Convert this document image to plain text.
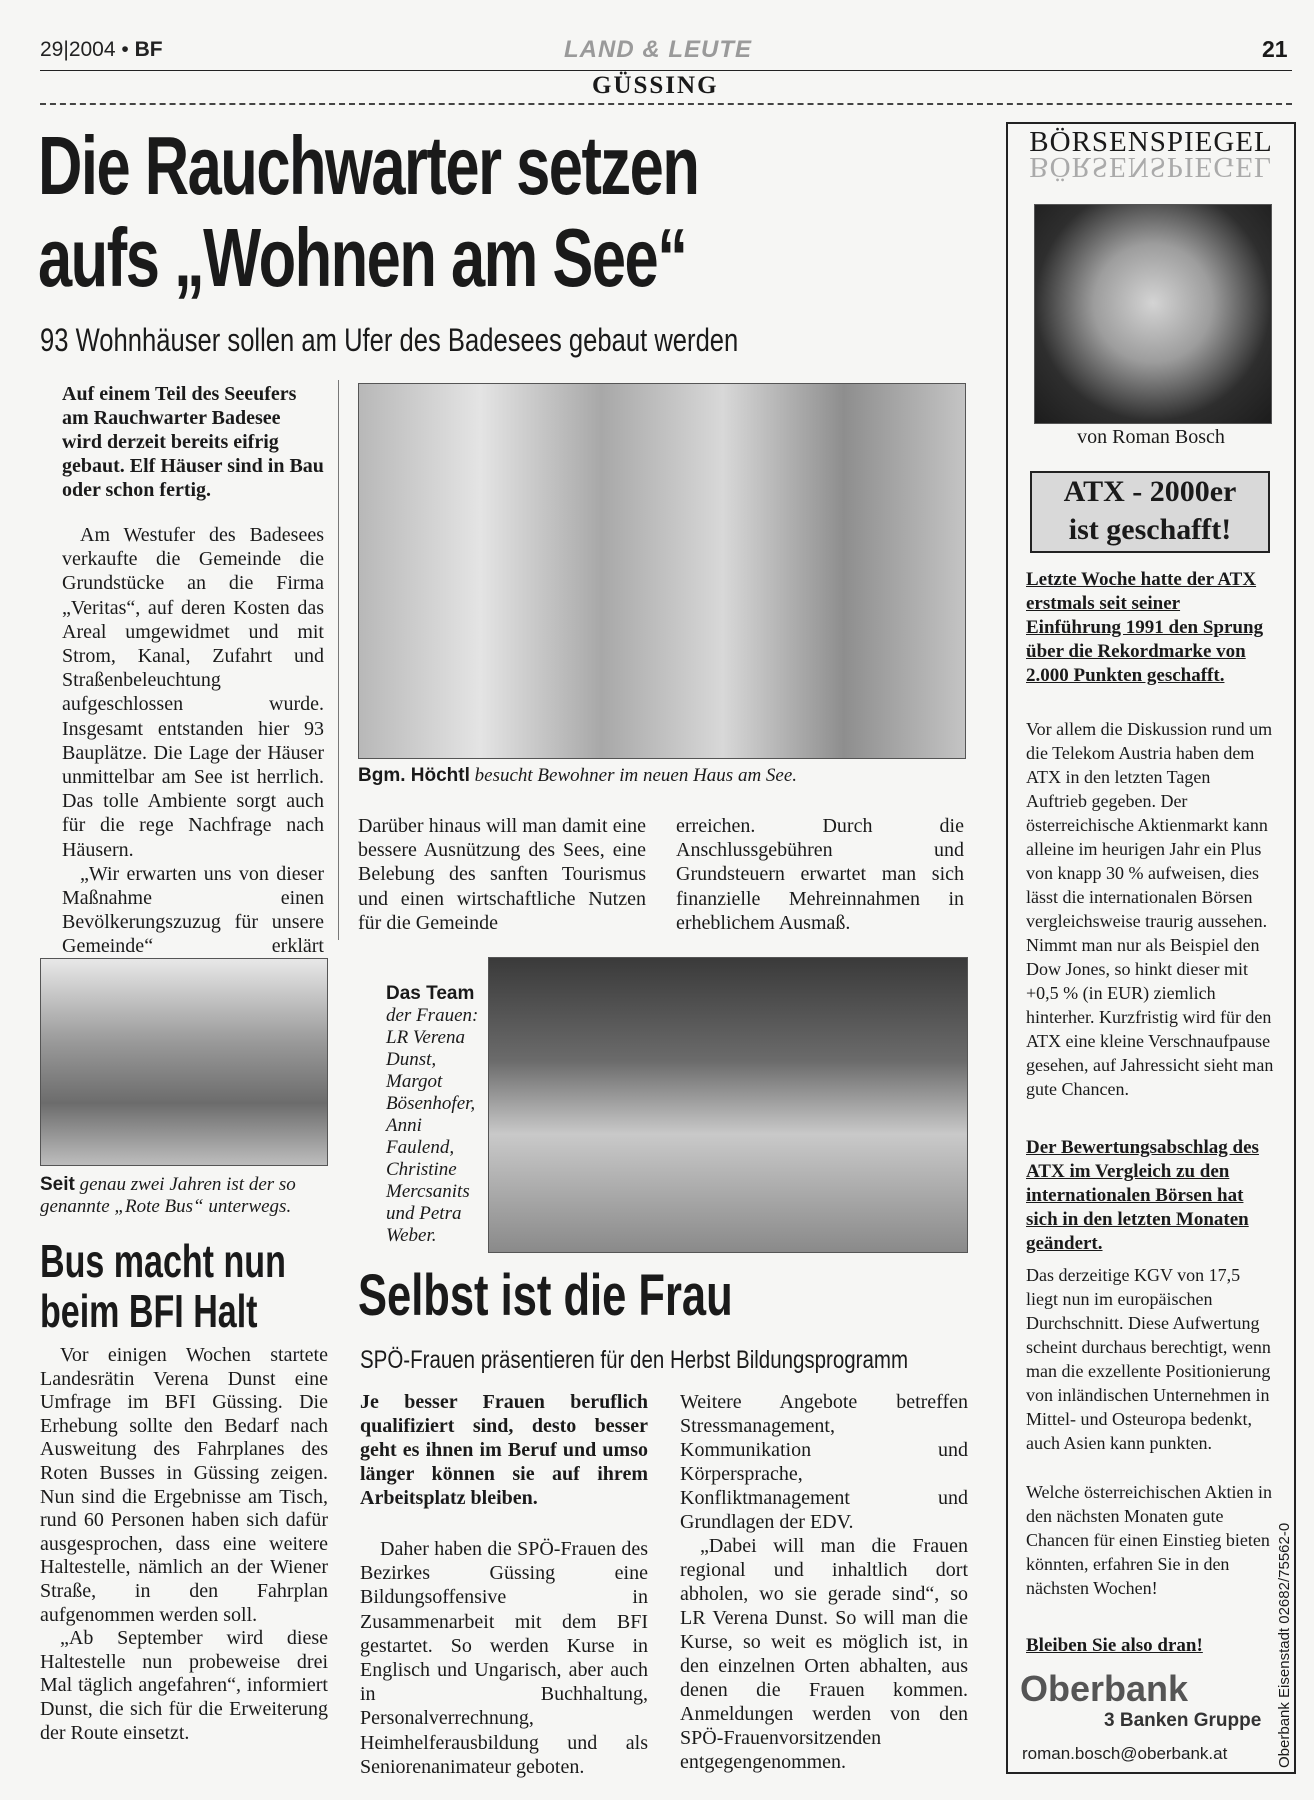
29|2004 • BF	LAND & LEUTE	21
GÜSSING
Die Rauchwarter setzen
aufs „Wohnen am See“
93 Wohnhäuser sollen am Ufer des Badesees gebaut werden
Auf einem Teil des Seeufers am Rauchwarter Badesee wird derzeit bereits eifrig gebaut. Elf Häuser sind in Bau oder schon fertig.
Am Westufer des Badesees verkaufte die Gemeinde die Grundstücke an die Firma „Veritas“, auf deren Kosten das Areal umgewidmet und mit Strom, Kanal, Zufahrt und Straßenbeleuchtung aufgeschlossen wurde. Insgesamt entstanden hier 93 Bauplätze. Die Lage der Häuser unmittelbar am See ist herrlich. Das tolle Ambiente sorgt auch für die rege Nachfrage nach Häusern.
„Wir erwarten uns von dieser Maßnahme einen Bevölkerungszuzug für unsere Gemeinde“ erklärt
Bgm. Höchtl besucht Bewohner im neuen Haus am See.
Darüber hinaus will man damit eine bessere Ausnützung des Sees, eine Belebung des sanften Tourismus und einen wirtschaftliche Nutzen für die Gemeinde
erreichen. Durch die Anschlussgebühren und Grundsteuern erwartet man sich finanzielle Mehreinnahmen in erheblichem Ausmaß.
Seit genau zwei Jahren ist der so genannte „Rote Bus“ unterwegs.
Bus macht nun
beim BFI Halt
Vor einigen Wochen startete Landesrätin Verena Dunst eine Umfrage im BFI Güssing. Die Erhebung sollte den Bedarf nach Ausweitung des Fahrplanes des Roten Busses in Güssing zeigen. Nun sind die Ergebnisse am Tisch, rund 60 Personen haben sich dafür ausgesprochen, dass eine weitere Haltestelle, nämlich an der Wiener Straße, in den Fahrplan aufgenommen werden soll.
„Ab September wird diese Haltestelle nun probeweise drei Mal täglich angefahren“, informiert Dunst, die sich für die Erweiterung der Route einsetzt.
Das Team
der Frauen: LR Verena Dunst, Margot Bösenhofer, Anni Faulend, Christine Mercsanits und Petra Weber.
Selbst ist die Frau
SPÖ-Frauen präsentieren für den Herbst Bildungsprogramm
Je besser Frauen beruflich qualifiziert sind, desto besser geht es ihnen im Beruf und umso länger können sie auf ihrem Arbeitsplatz bleiben.
Daher haben die SPÖ-Frauen des Bezirkes Güssing eine Bildungsoffensive in Zusammenarbeit mit dem BFI gestartet. So werden Kurse in Englisch und Ungarisch, aber auch in Buchhaltung, Personalverrechnung, Heimhelferausbildung und als Seniorenanimateur geboten.
Weitere Angebote betreffen Stressmanagement, Kommunikation und Körpersprache, Konfliktmanagement und Grundlagen der EDV.
„Dabei will man die Frauen regional und inhaltlich dort abholen, wo sie gerade sind“, so LR Verena Dunst. So will man die Kurse, so weit es möglich ist, in den einzelnen Orten abhalten, aus denen die Frauen kommen. Anmeldungen werden von den SPÖ-Frauenvorsitzenden entgegengenommen.
BÖRSENSPIEGEL
BÖRSENSPIEGEL
von Roman Bosch
ATX - 2000er
ist geschafft!
Letzte Woche hatte der ATX erstmals seit seiner Einführung 1991 den Sprung über die Rekordmarke von 2.000 Punkten geschafft.
Vor allem die Diskussion rund um die Telekom Austria haben dem ATX in den letzten Tagen Auftrieb gegeben. Der österreichische Aktienmarkt kann alleine im heurigen Jahr ein Plus von knapp 30 % aufweisen, dies lässt die internationalen Börsen vergleichsweise traurig aussehen. Nimmt man nur als Beispiel den Dow Jones, so hinkt dieser mit +0,5 % (in EUR) ziemlich hinterher. Kurzfristig wird für den ATX eine kleine Verschnaufpause gesehen, auf Jahressicht sieht man gute Chancen.
Der Bewertungsabschlag des ATX im Vergleich zu den internationalen Börsen hat sich in den letzten Monaten geändert.
Das derzeitige KGV von 17,5 liegt nun im europäischen Durchschnitt. Diese Aufwertung scheint durchaus berechtigt, wenn man die exzellente Positionierung von inländischen Unternehmen in Mittel- und Osteuropa bedenkt, auch Asien kann punkten.
Welche österreichischen Aktien in den nächsten Monaten gute Chancen für einen Einstieg bieten könnten, erfahren Sie in den nächsten Wochen!
Bleiben Sie also dran!
Oberbank
3 Banken Gruppe
roman.bosch@oberbank.at	Oberbank Eisenstadt 02682/75562-0
